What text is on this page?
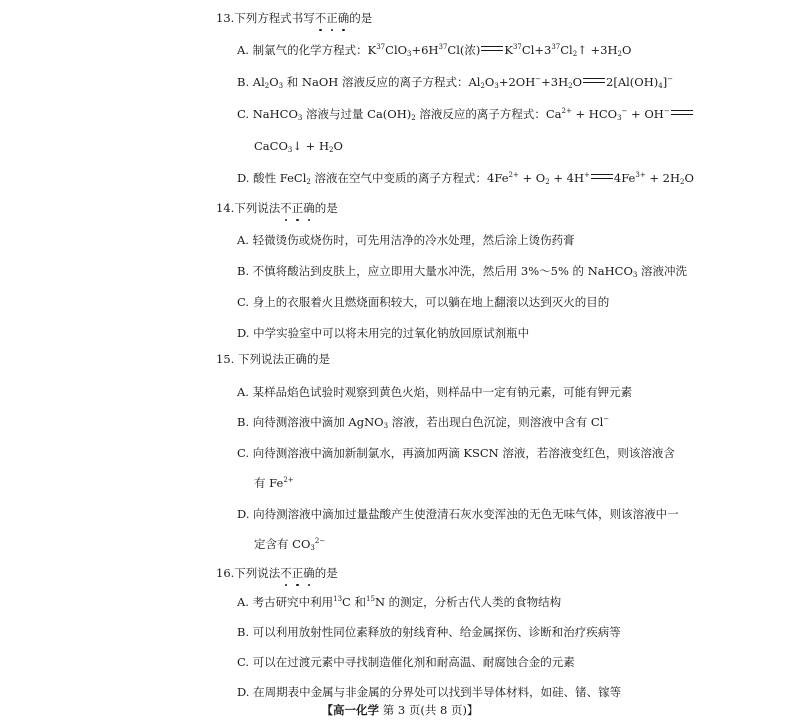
13.下列方程式书写不正确的是
A. 制氯气的化学方程式：$K^{37}ClO_3+6H^{37}Cl$(浓) $K^{37}Cl+3^{37}Cl_2↑ +3H_2O$
B. $Al_2O_3$ 和 NaOH 溶液反应的离子方程式：$Al_2O_3+2OH^-+3H_2O$ $2[Al(OH)_4]^-$
C. NaHCO$_3$ 溶液与过量 $Ca(OH)_2$ 溶液反应的离子方程式：$Ca^{2+} + HCO_3^- + OH^-$
CaCO$_3$↓ + $H_2O$
D. 酸性 FeCl$_2$ 溶液在空气中变质的离子方程式：$4Fe^{2+} + O_2 + 4H^+$ $4Fe^{3+} + 2H_2O$
14.下列说法不正确的是
A. 轻微烫伤或烧伤时，可先用洁净的冷水处理，然后涂上烫伤药膏
B. 不慎将酸沾到皮肤上，应立即用大量水冲洗，然后用 3%～5% 的 NaHCO$_3$ 溶液冲洗
C. 身上的衣服着火且燃烧面积较大，可以躺在地上翻滚以达到灭火的目的
D. 中学实验室中可以将未用完的过氧化钠放回原试剂瓶中
15. 下列说法正确的是
A. 某样品焰色试验时观察到黄色火焰，则样品中一定有钠元素，可能有钾元素
B. 向待测溶液中滴加 AgNO$_3$ 溶液，若出现白色沉淀，则溶液中含有 Cl−
C. 向待测溶液中滴加新制氯水，再滴加两滴 KSCN 溶液，若溶液变红色，则该溶液含
有 $Fe^{2+}$
D. 向待测溶液中滴加过量盐酸产生使澄清石灰水变浑浊的无色无味气体，则该溶液中一
定含有 $CO_3^{2-}$
16.下列说法不正确的是
A. 考古研究中利用$^{13}$C 和$^{15}$N 的测定，分析古代人类的食物结构
B. 可以利用放射性同位素释放的射线育种、给金属探伤、诊断和治疗疾病等
C. 可以在过渡元素中寻找制造催化剂和耐高温、耐腐蚀合金的元素
D. 在周期表中金属与非金属的分界处可以找到半导体材料，如硅、锗、镓等
【高一化学 第 3 页(共 8 页)】
